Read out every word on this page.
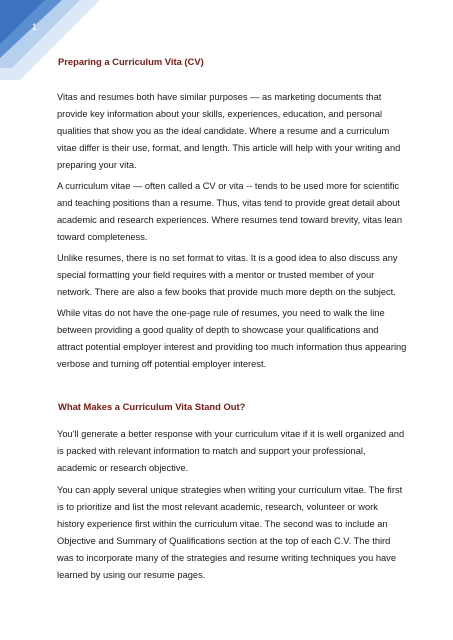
1
Preparing a Curriculum Vita (CV)

Vitas and resumes both have similar purposes — as marketing documents that
provide key information about your skills, experiences, education, and personal
qualities that show you as the ideal candidate. Where a resume and a curriculum
vitae differ is their use, format, and length. This article will help with your writing and
preparing your vita.

A curriculum vitae — often called a CV or vita -- tends to be used more for scientific
and teaching positions than a resume. Thus, vitas tend to provide great detail about
academic and research experiences. Where resumes tend toward brevity, vitas lean
toward completeness.

Unlike resumes, there is no set format to vitas. It is a good idea to also discuss any
special formatting your field requires with a mentor or trusted member of your
network. There are also a few books that provide much more depth on the subject.

While vitas do not have the one-page rule of resumes, you need to walk the line
between providing a good quality of depth to showcase your qualifications and
attract potential employer interest and providing too much information thus appearing
verbose and turning off potential employer interest.

What Makes a Curriculum Vita Stand Out?

You'll generate a better response with your curriculum vitae if it is well organized and
is packed with relevant information to match and support your professional,
academic or research objective.

You can apply several unique strategies when writing your curriculum vitae. The first
is to prioritize and list the most relevant academic, research, volunteer or work
history experience first within the curriculum vitae. The second was to include an
Objective and Summary of Qualifications section at the top of each C.V. The third
was to incorporate many of the strategies and resume writing techniques you have
learned by using our resume pages.
